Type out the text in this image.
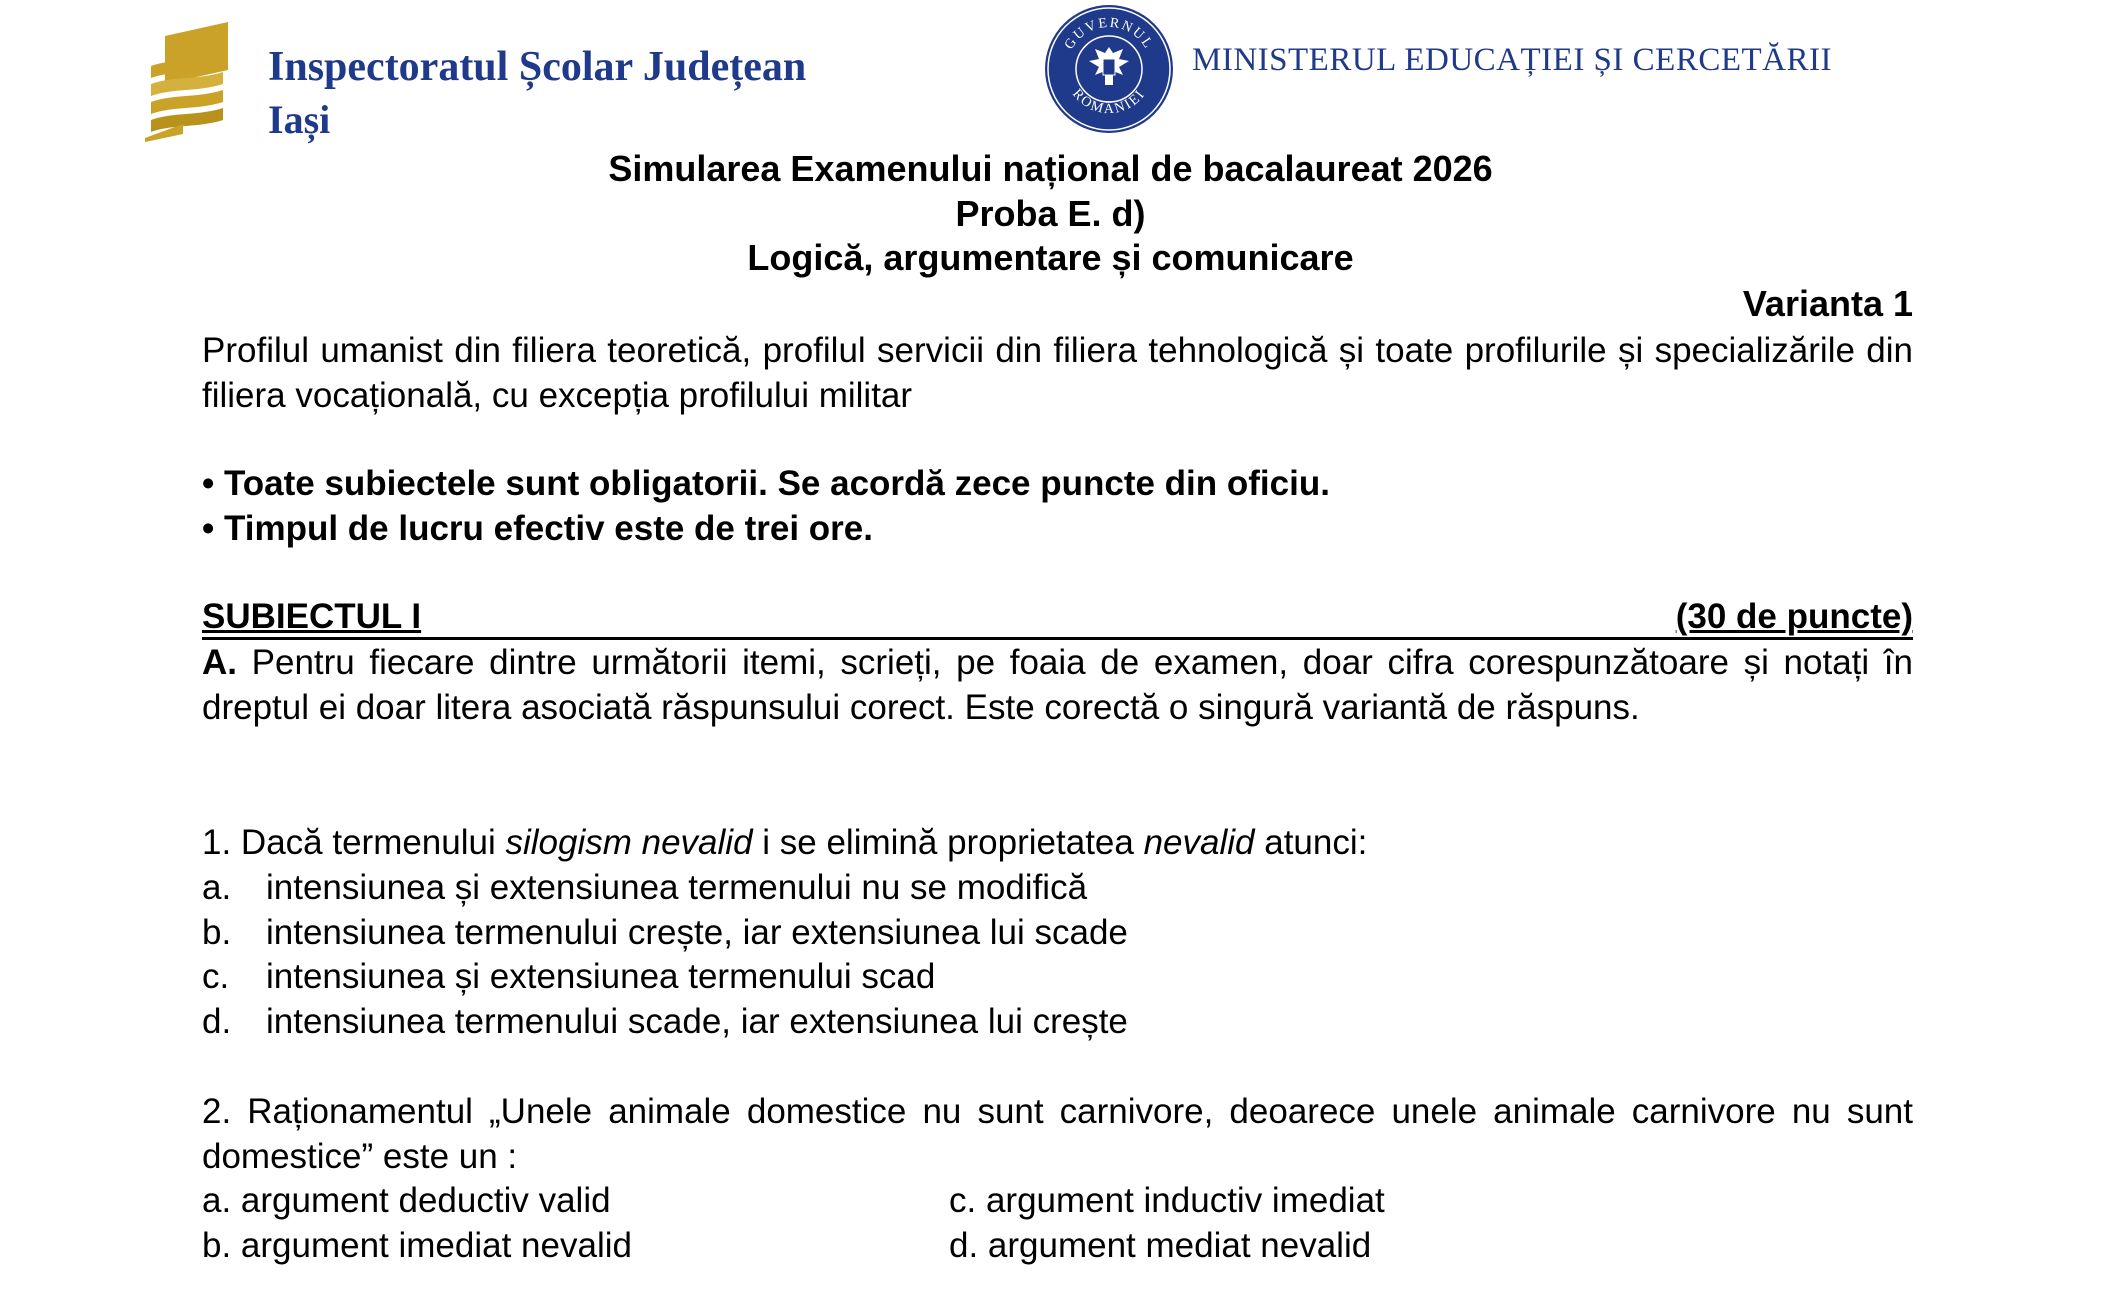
Inspectoratul Școlar Județean
Iași
GUVERNUL
ROMÂNIEI
MINISTERUL EDUCAȚIEI ȘI CERCETĂRII
Simularea Examenului național de bacalaureat 2026
Proba E. d)
Logică, argumentare și comunicare
Varianta 1
Profilul umanist din filiera teoretică, profilul servicii din filiera tehnologică și toate profilurile și specializările din filiera vocațională, cu excepția profilului militar
• Toate subiectele sunt obligatorii. Se acordă zece puncte din oficiu.
• Timpul de lucru efectiv este de trei ore.
SUBIECTUL I	(30 de puncte)
A. Pentru fiecare dintre următorii itemi, scrieți, pe foaia de examen, doar cifra corespunzătoare și notați în dreptul ei doar litera asociată răspunsului corect. Este corectă o singură variantă de răspuns.
1. Dacă termenului silogism nevalid i se elimină proprietatea nevalid atunci:
a. intensiunea și extensiunea termenului nu se modifică
b. intensiunea termenului crește, iar extensiunea lui scade
c.	intensiunea și extensiunea termenului scad
d. intensiunea termenului scade, iar extensiunea lui crește
2. Raționamentul „Unele animale domestice nu sunt carnivore, deoarece unele animale carnivore nu sunt domestice” este un :
a. argument deductiv valid	c. argument inductiv imediat
b. argument imediat nevalid	d. argument mediat nevalid
